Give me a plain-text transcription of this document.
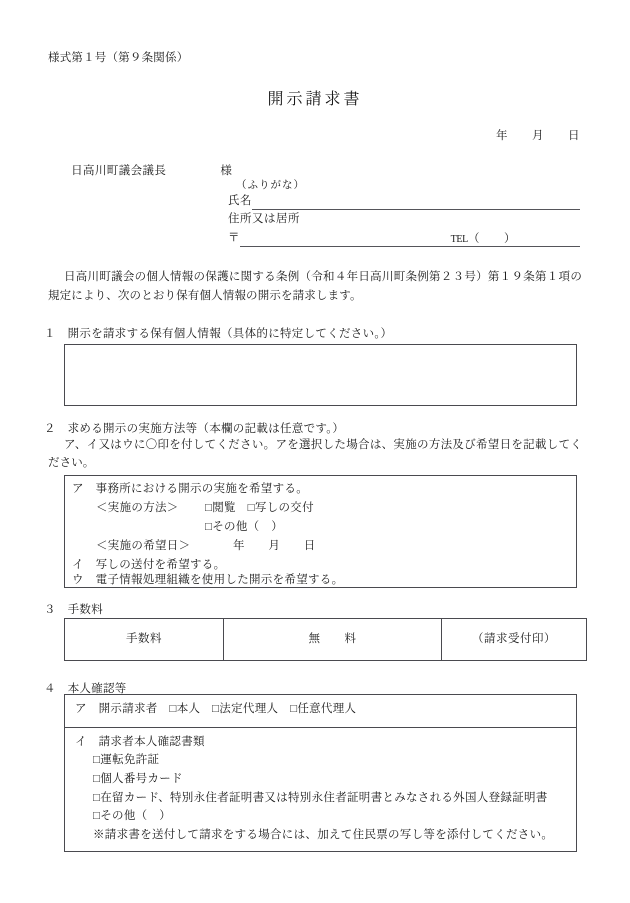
様式第１号（第９条関係）
開示請求書
年　　月　　日

日高川町議会議長	様

（ふりがな）
氏名
住所又は居所
〒	TEL（　　）
日高川町議会の個人情報の保護に関する条例（令和４年日高川町条例第２３号）第１９条第１項の規定により、次のとおり保有個人情報の開示を請求します。
１　開示を請求する保有個人情報（具体的に特定してください。）
２　求める開示の実施方法等（本欄の記載は任意です。）
ア、イ又はウに〇印を付してください。アを選択した場合は、実施の方法及び希望日を記載してください。
ア　事務所における開示の実施を希望する。
＜実施の方法＞ □閲覧　□写しの交付
□その他（　）
＜実施の希望日＞	年　　月　　日
イ　写しの送付を希望する。
ウ　電子情報処理組織を使用した開示を希望する。
３　手数料
手数料	無　　料	（請求受付印）
４　本人確認等
ア　開示請求者　□本人　□法定代理人　□任意代理人

イ　請求者本人確認書類
□運転免許証
□個人番号カード
□在留カード、特別永住者証明書又は特別永住者証明書とみなされる外国人登録証明書
□その他（　）
※請求書を送付して請求をする場合には、加えて住民票の写し等を添付してください。
